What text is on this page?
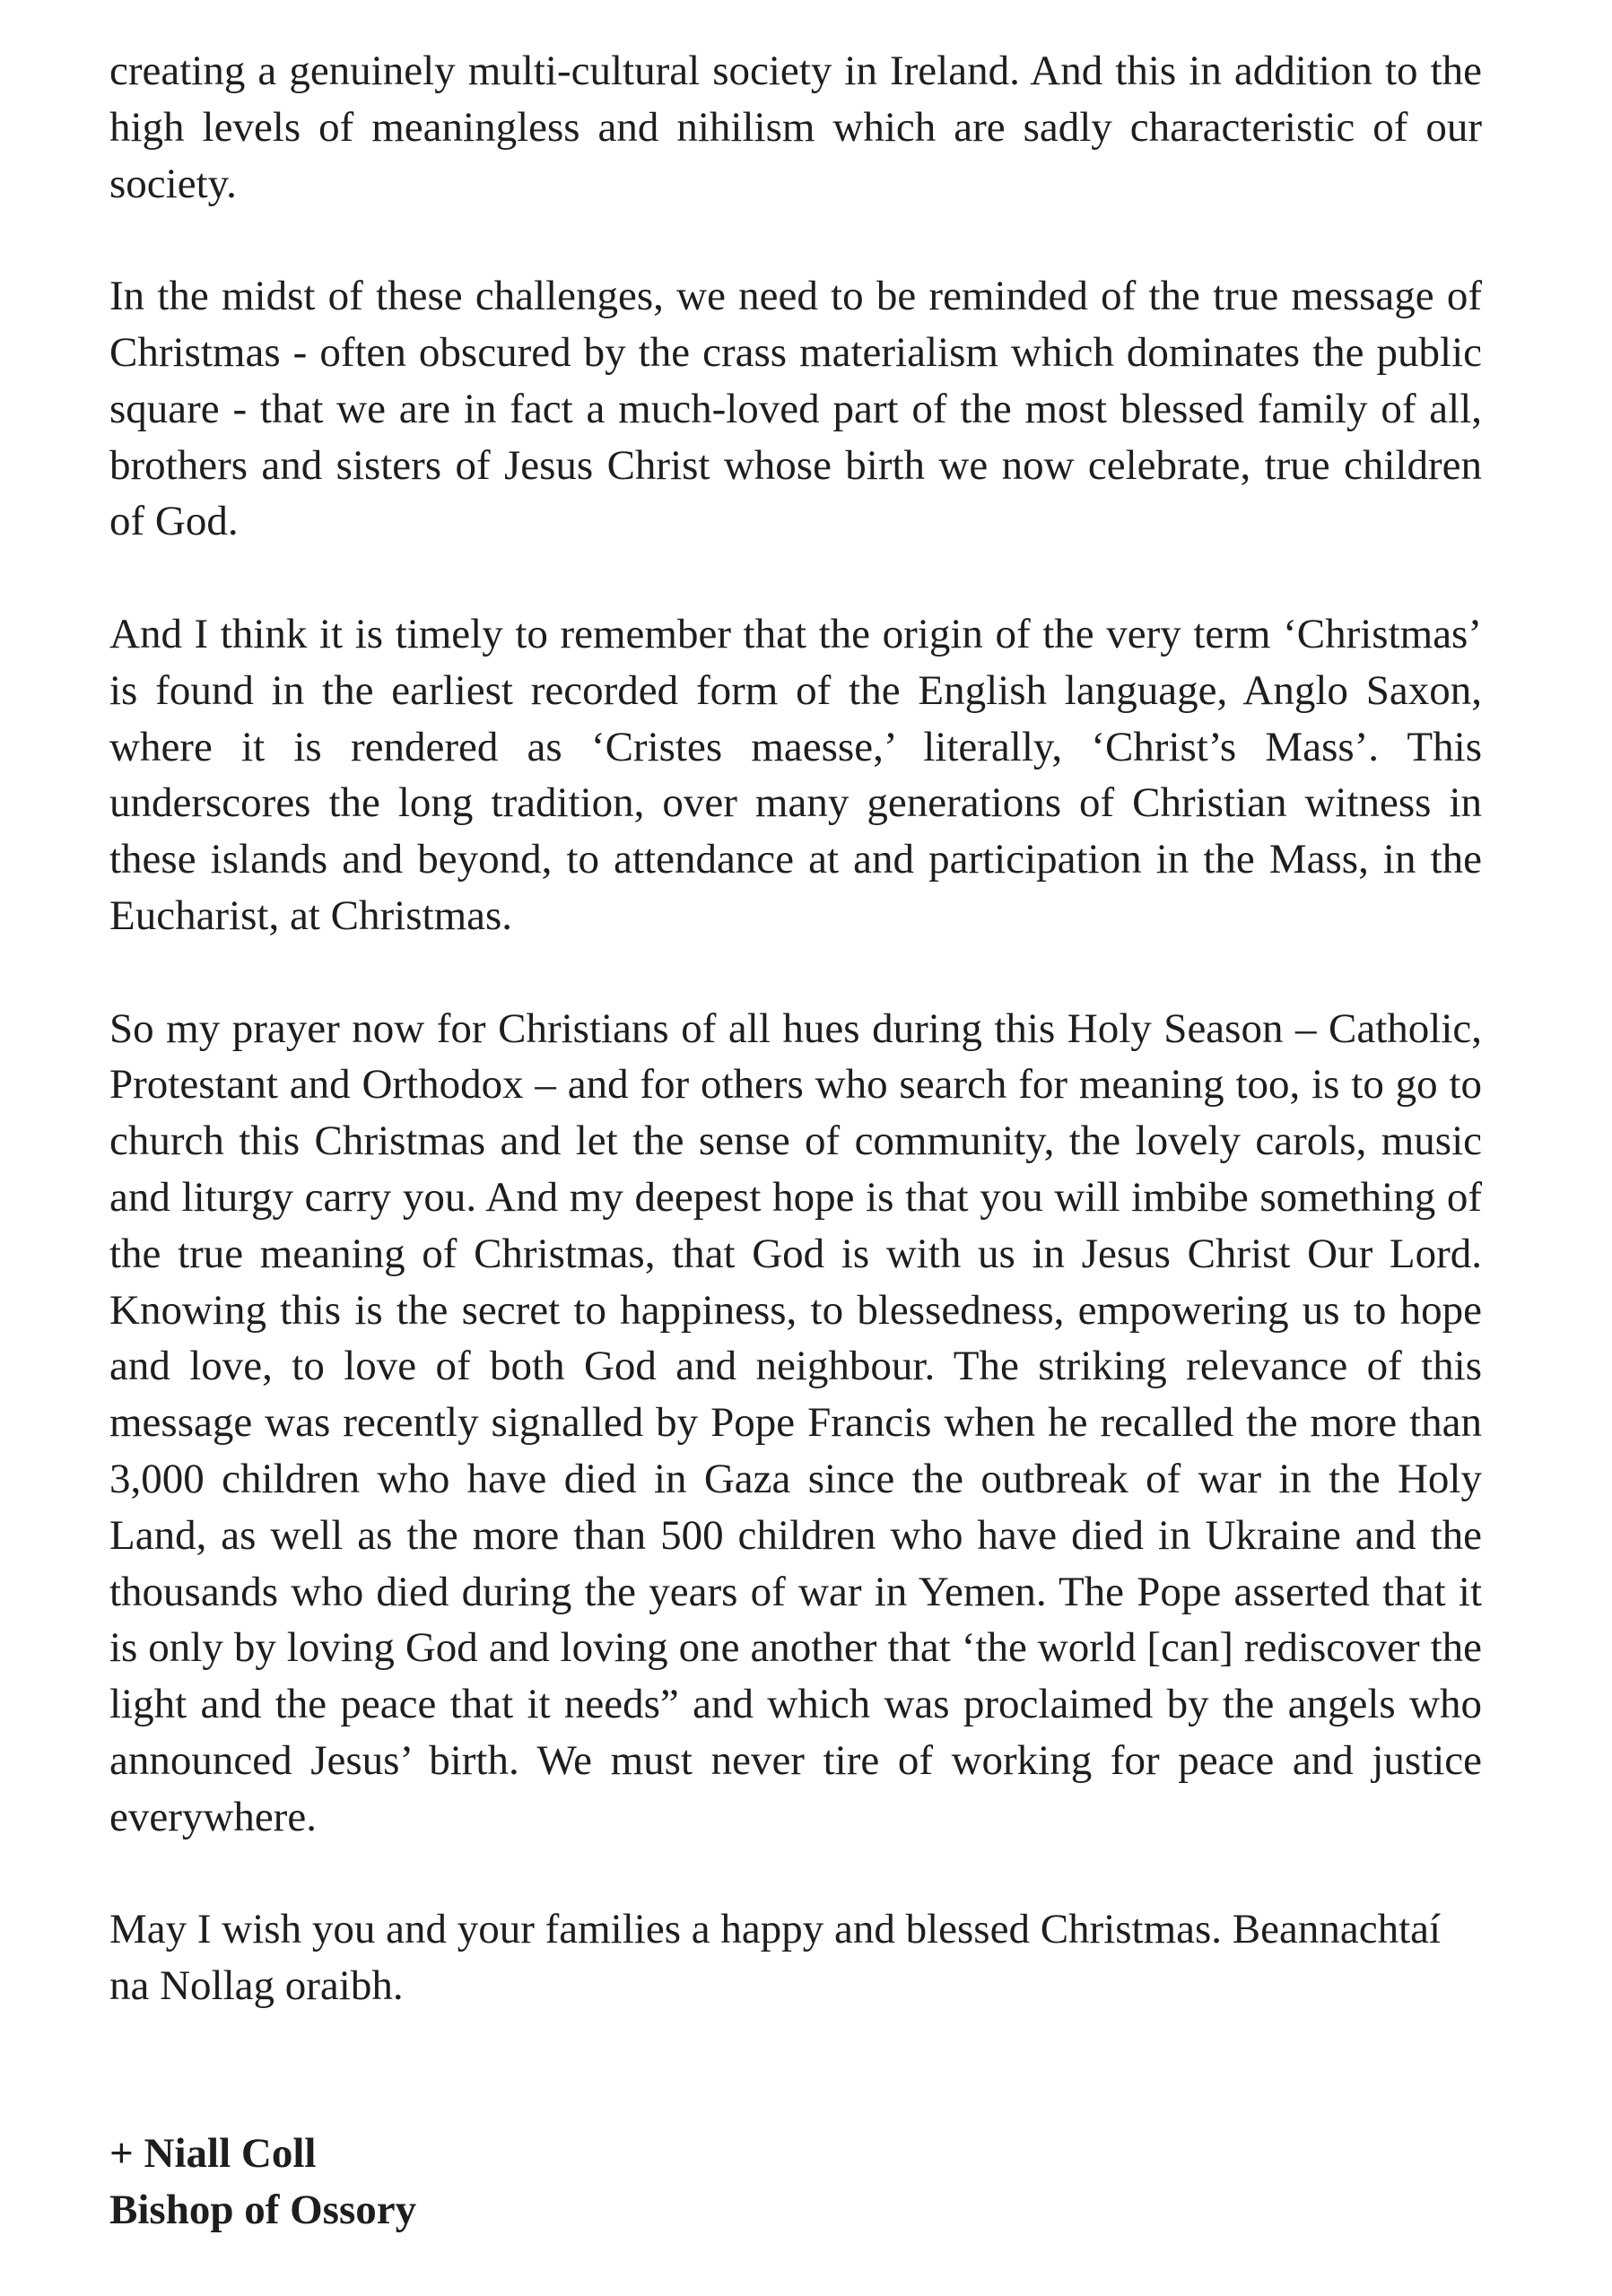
creating a genuinely multi-cultural society in Ireland. And this in addition to the high levels of meaningless and nihilism which are sadly characteristic of our society.

In the midst of these challenges, we need to be reminded of the true message of Christmas - often obscured by the crass materialism which dominates the public square - that we are in fact a much-loved part of the most blessed family of all, brothers and sisters of Jesus Christ whose birth we now celebrate, true children of God.

And I think it is timely to remember that the origin of the very term ‘Christmas’ is found in the earliest recorded form of the English language, Anglo Saxon, where it is rendered as ‘Cristes maesse,’ literally, ‘Christ’s Mass’. This underscores the long tradition, over many generations of Christian witness in these islands and beyond, to attendance at and participation in the Mass, in the Eucharist, at Christmas.

So my prayer now for Christians of all hues during this Holy Season – Catholic, Protestant and Orthodox – and for others who search for meaning too, is to go to church this Christmas and let the sense of community, the lovely carols, music and liturgy carry you. And my deepest hope is that you will imbibe something of the true meaning of Christmas, that God is with us in Jesus Christ Our Lord. Knowing this is the secret to happiness, to blessedness, empowering us to hope and love, to love of both God and neighbour. The striking relevance of this message was recently signalled by Pope Francis when he recalled the more than 3,000 children who have died in Gaza since the outbreak of war in the Holy Land, as well as the more than 500 children who have died in Ukraine and the thousands who died during the years of war in Yemen. The Pope asserted that it is only by loving God and loving one another that ‘the world [can] rediscover the light and the peace that it needs” and which was proclaimed by the angels who announced Jesus’ birth. We must never tire of working for peace and justice everywhere.

May I wish you and your families a happy and blessed Christmas. Beannachtaí na Nollag oraibh.

+ Niall Coll
Bishop of Ossory
